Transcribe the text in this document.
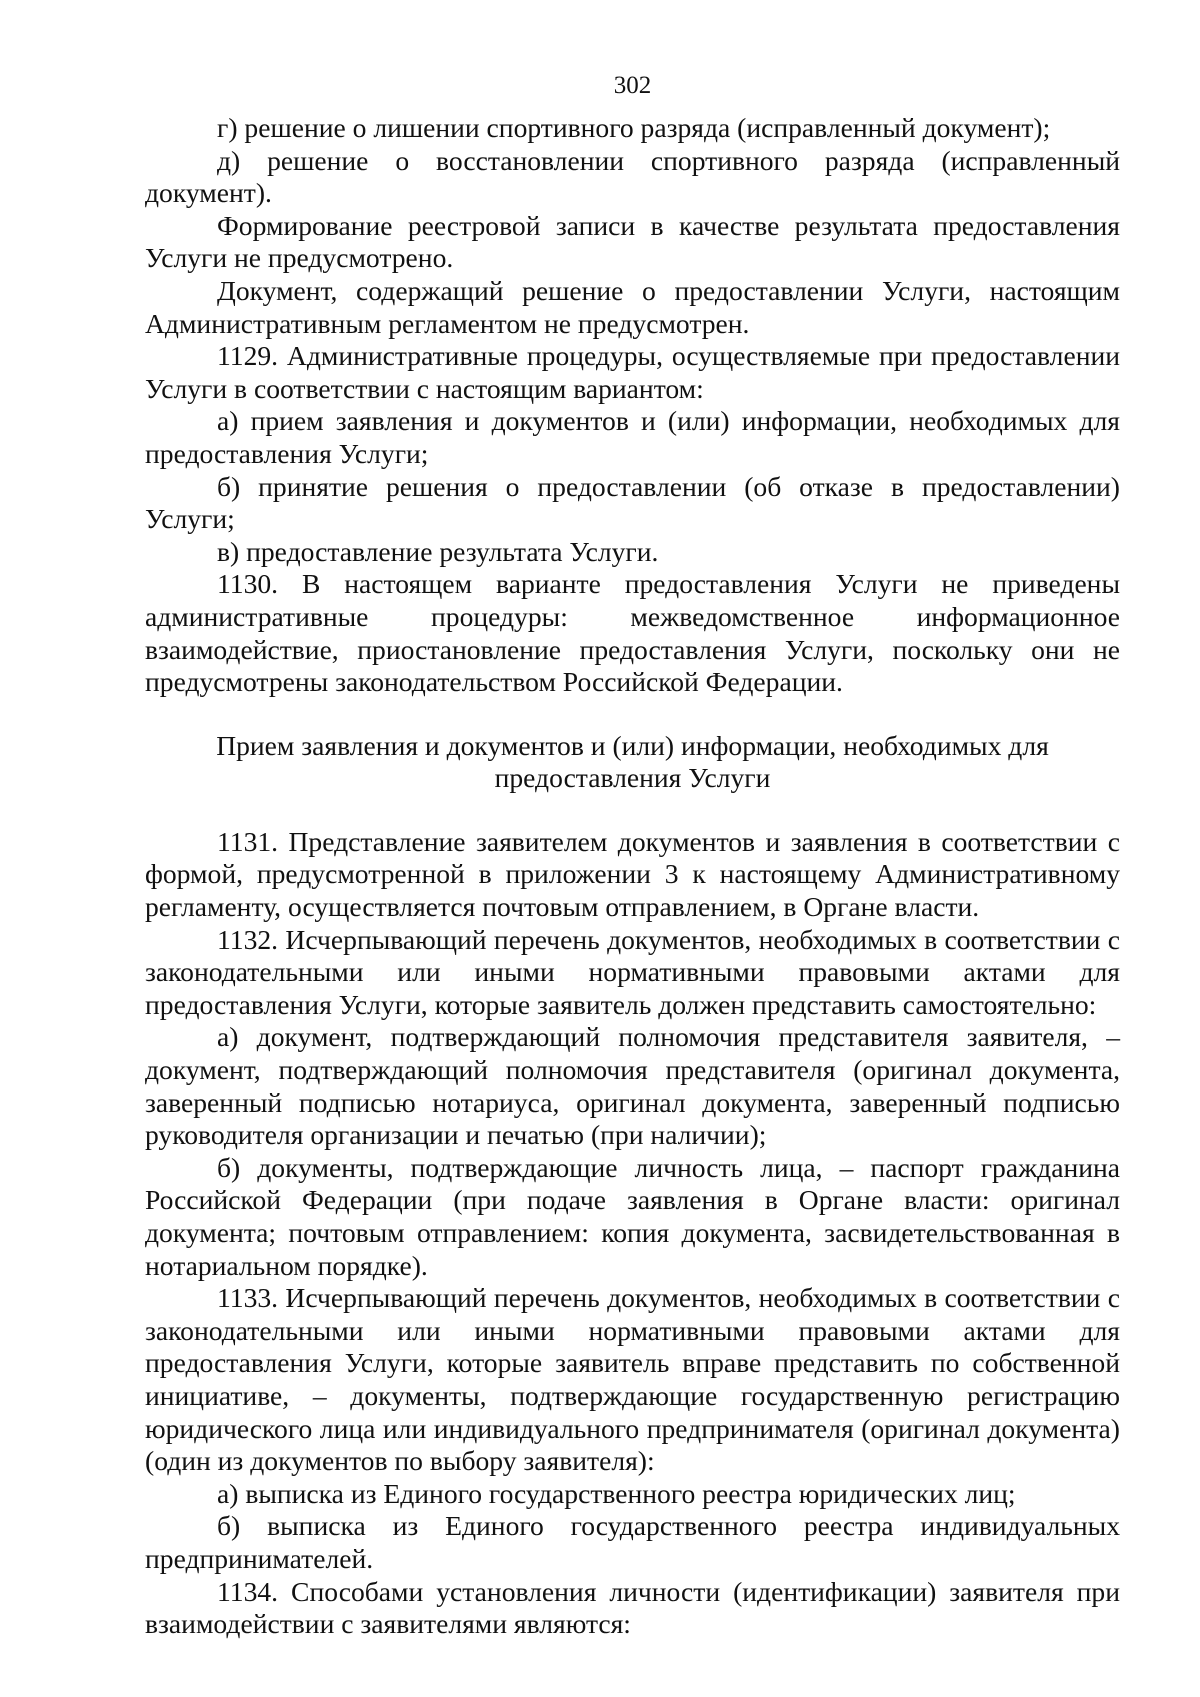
302

г) решение о лишении спортивного разряда (исправленный документ);

д) решение о восстановлении спортивного разряда (исправленный документ).

Формирование реестровой записи в качестве результата предоставления Услуги не предусмотрено.

Документ, содержащий решение о предоставлении Услуги, настоящим Административным регламентом не предусмотрен.

1129. Административные процедуры, осуществляемые при предоставлении Услуги в соответствии с настоящим вариантом:

а) прием заявления и документов и (или) информации, необходимых для предоставления Услуги;

б) принятие решения о предоставлении (об отказе в предоставлении) Услуги;

в) предоставление результата Услуги.

1130. В настоящем варианте предоставления Услуги не приведены административные процедуры: межведомственное информационное взаимодействие, приостановление предоставления Услуги, поскольку они не предусмотрены законодательством Российской Федерации.

Прием заявления и документов и (или) информации, необходимых для предоставления Услуги

1131. Представление заявителем документов и заявления в соответствии с формой, предусмотренной в приложении 3 к настоящему Административному регламенту, осуществляется почтовым отправлением, в Органе власти.

1132. Исчерпывающий перечень документов, необходимых в соответствии с законодательными или иными нормативными правовыми актами для предоставления Услуги, которые заявитель должен представить самостоятельно:

а) документ, подтверждающий полномочия представителя заявителя, – документ, подтверждающий полномочия представителя (оригинал документа, заверенный подписью нотариуса, оригинал документа, заверенный подписью руководителя организации и печатью (при наличии);

б) документы, подтверждающие личность лица, – паспорт гражданина Российской Федерации (при подаче заявления в Органе власти: оригинал документа; почтовым отправлением: копия документа, засвидетельствованная в нотариальном порядке).

1133. Исчерпывающий перечень документов, необходимых в соответствии с законодательными или иными нормативными правовыми актами для предоставления Услуги, которые заявитель вправе представить по собственной инициативе, – документы, подтверждающие государственную регистрацию юридического лица или индивидуального предпринимателя (оригинал документа) (один из документов по выбору заявителя):

а) выписка из Единого государственного реестра юридических лиц;

б) выписка из Единого государственного реестра индивидуальных предпринимателей.

1134. Способами установления личности (идентификации) заявителя при взаимодействии с заявителями являются:
